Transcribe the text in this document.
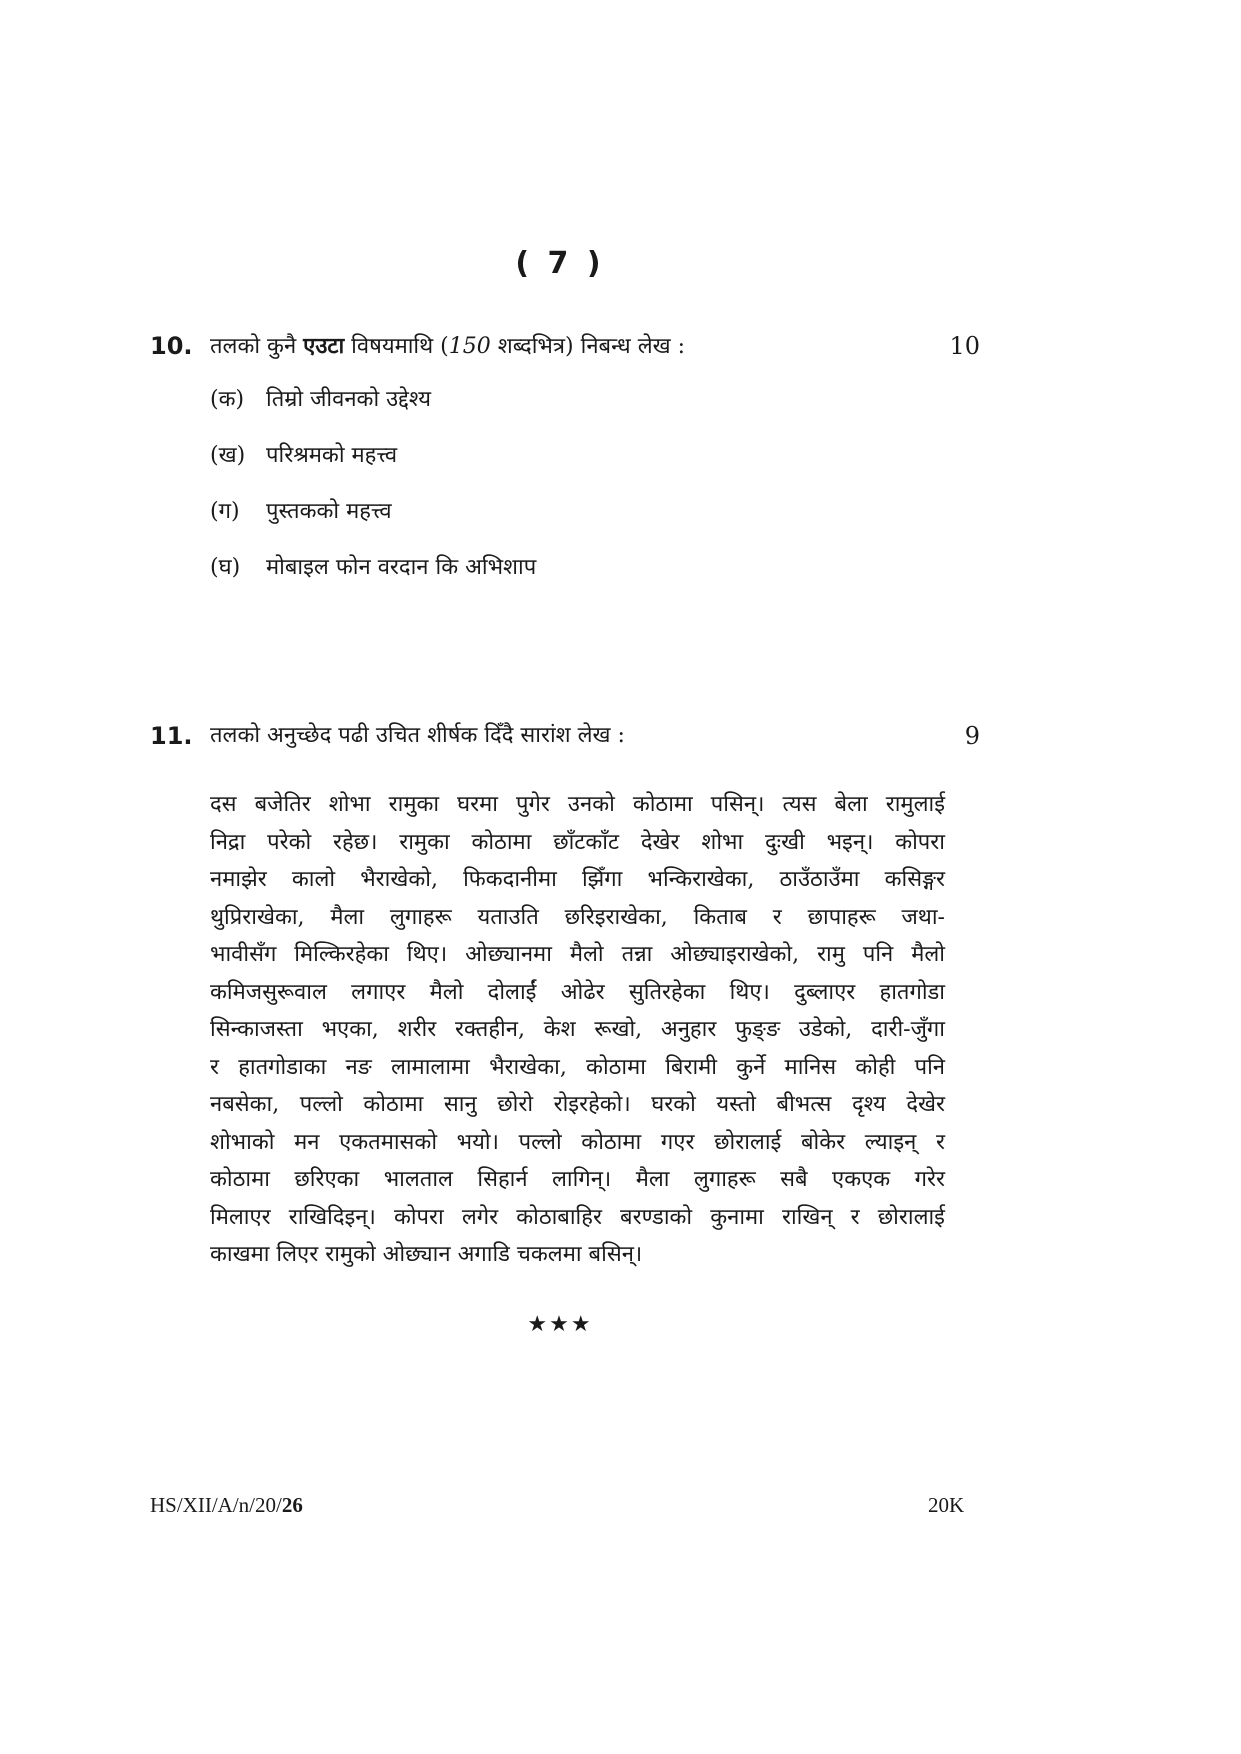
( 7 )
10. तलको कुनै एउटा विषयमाथि (150 शब्दभित्र) निबन्ध लेख :	10
(क) तिम्रो जीवनको उद्देश्य
(ख) परिश्रमको महत्त्व
(ग) पुस्तकको महत्त्व
(घ) मोबाइल फोन वरदान कि अभिशाप
11. तलको अनुच्छेद पढी उचित शीर्षक दिँदै सारांश लेख :	9
दस बजेतिर शोभा रामुका घरमा पुगेर उनको कोठामा पसिन्। त्यस बेला रामुलाई
निद्रा परेको रहेछ। रामुका कोठामा छाँटकाँट देखेर शोभा दुःखी भइन्। कोपरा
नमाझेर कालो भैराखेको, फिकदानीमा झिँगा भन्किराखेका, ठाउँठाउँमा कसिङ्गर
थुप्रिराखेका, मैला लुगाहरू यताउति छरिइराखेका, किताब र छापाहरू जथा-
भावीसँग मिल्किरहेका थिए। ओछ्यानमा मैलो तन्ना ओछ्याइराखेको, रामु पनि मैलो
कमिजसुरूवाल लगाएर मैलो दोलाईं ओढेर सुतिरहेका थिए। दुब्लाएर हातगोडा
सिन्काजस्ता भएका, शरीर रक्तहीन, केश रूखो, अनुहार फुङ्ङ उडेको, दारी-जुँगा
र हातगोडाका नङ लामालामा भैराखेका, कोठामा बिरामी कुर्ने मानिस कोही पनि
नबसेका, पल्लो कोठामा सानु छोरो रोइरहेको। घरको यस्तो बीभत्स दृश्य देखेर
शोभाको मन एकतमासको भयो। पल्लो कोठामा गएर छोरालाई बोकेर ल्याइन् र
कोठामा छरिएका भालताल सिहार्न लागिन्। मैला लुगाहरू सबै एकएक गरेर
मिलाएर राखिदिइन्। कोपरा लगेर कोठाबाहिर बरण्डाको कुनामा राखिन् र छोरालाई
काखमा लिएर रामुको ओछ्यान अगाडि चकलमा बसिन्।
★★★
HS/XII/A/n/20/26	20K
